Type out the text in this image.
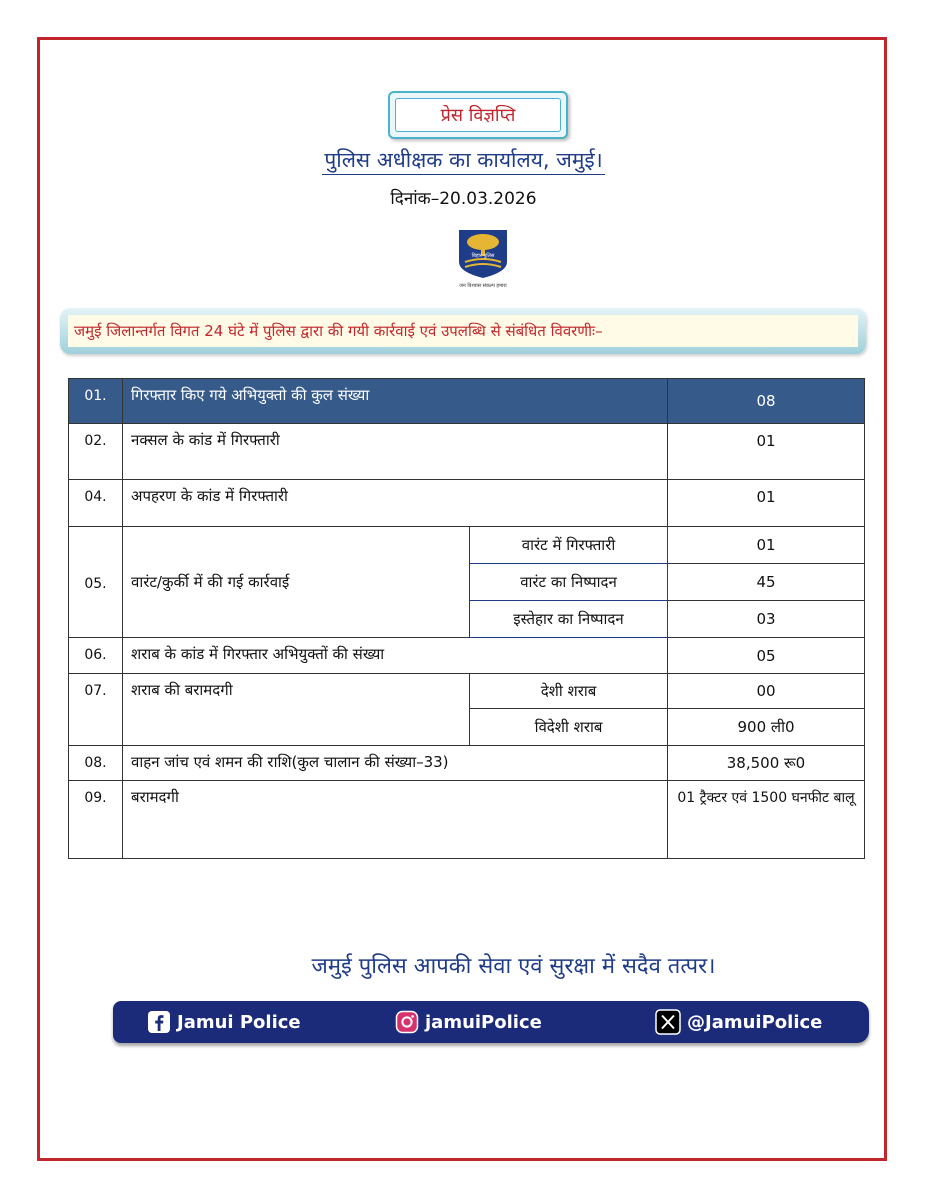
प्रेस विज्ञप्ति
पुलिस अधीक्षक का कार्यालय, जमुई।
दिनांक–20.03.2026
बिहार पुलिस
जन विश्वास संकल्प हमारा
जमुई जिलान्तर्गत विगत 24 घंटे में पुलिस द्वारा की गयी कार्रवाई एवं उपलब्धि से संबंधित विवरणीः–
01.	गिरफ्तार किए गये अभियुक्तो की कुल संख्या		08
02.	नक्सल के कांड में गिरफ्तारी		01
04.	अपहरण के कांड में गिरफ्तारी		01
05.	वारंट/कुर्की में की गई कार्रवाई	वारंट में गिरफ्तारी	01
		वारंट का निष्पादन	45
		इस्तेहार का निष्पादन	03
06.	शराब के कांड में गिरफ्तार अभियुक्तों की संख्या		05
07.	शराब की बरामदगी	देशी शराब	00
		विदेशी शराब	900 ली0
08.	वाहन जांच एवं शमन की राशि(कुल चालान की संख्या–33)		38,500 रू0
09.	बरामदगी		01 ट्रैक्टर एवं 1500 घनफीट बालू
जमुई पुलिस आपकी सेवा एवं सुरक्षा में सदैव तत्पर।
Jamui Police	jamuiPolice	@JamuiPolice
